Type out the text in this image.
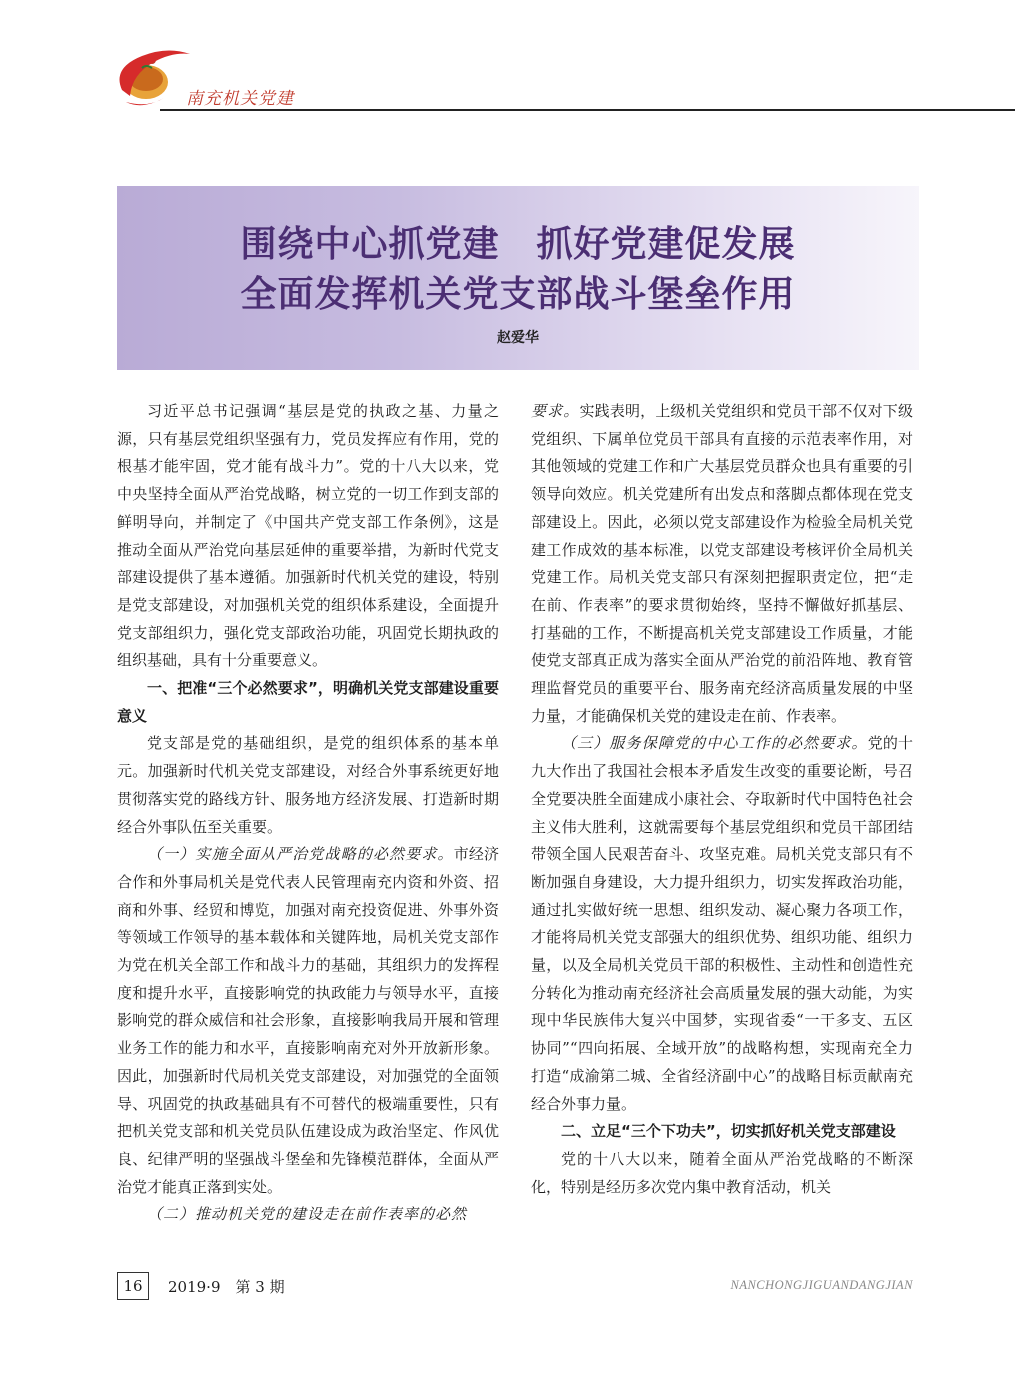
南充机关党建
围绕中心抓党建　抓好党建促发展
全面发挥机关党支部战斗堡垒作用
赵爱华

习近平总书记强调“基层是党的执政之基、力量之源，只有基层党组织坚强有力，党员发挥应有作用，党的根基才能牢固，党才能有战斗力”。党的十八大以来，党中央坚持全面从严治党战略，树立党的一切工作到支部的鲜明导向，并制定了《中国共产党支部工作条例》，这是推动全面从严治党向基层延伸的重要举措，为新时代党支部建设提供了基本遵循。加强新时代机关党的建设，特别是党支部建设，对加强机关党的组织体系建设，全面提升党支部组织力，强化党支部政治功能，巩固党长期执政的组织基础，具有十分重要意义。

一、把准“三个必然要求”，明确机关党支部建设重要意义

党支部是党的基础组织，是党的组织体系的基本单元。加强新时代机关党支部建设，对经合外事系统更好地贯彻落实党的路线方针、服务地方经济发展、打造新时期经合外事队伍至关重要。

（一）实施全面从严治党战略的必然要求。市经济合作和外事局机关是党代表人民管理南充内资和外资、招商和外事、经贸和博览，加强对南充投资促进、外事外资等领域工作领导的基本载体和关键阵地，局机关党支部作为党在机关全部工作和战斗力的基础，其组织力的发挥程度和提升水平，直接影响党的执政能力与领导水平，直接影响党的群众威信和社会形象，直接影响我局开展和管理业务工作的能力和水平，直接影响南充对外开放新形象。因此，加强新时代局机关党支部建设，对加强党的全面领导、巩固党的执政基础具有不可替代的极端重要性，只有把机关党支部和机关党员队伍建设成为政治坚定、作风优良、纪律严明的坚强战斗堡垒和先锋模范群体，全面从严治党才能真正落到实处。

（二）推动机关党的建设走在前作表率的必然

要求。实践表明，上级机关党组织和党员干部不仅对下级党组织、下属单位党员干部具有直接的示范表率作用，对其他领域的党建工作和广大基层党员群众也具有重要的引领导向效应。机关党建所有出发点和落脚点都体现在党支部建设上。因此，必须以党支部建设作为检验全局机关党建工作成效的基本标准，以党支部建设考核评价全局机关党建工作。局机关党支部只有深刻把握职责定位，把“走在前、作表率”的要求贯彻始终，坚持不懈做好抓基层、打基础的工作，不断提高机关党支部建设工作质量，才能使党支部真正成为落实全面从严治党的前沿阵地、教育管理监督党员的重要平台、服务南充经济高质量发展的中坚力量，才能确保机关党的建设走在前、作表率。

（三）服务保障党的中心工作的必然要求。党的十九大作出了我国社会根本矛盾发生改变的重要论断，号召全党要决胜全面建成小康社会、夺取新时代中国特色社会主义伟大胜利，这就需要每个基层党组织和党员干部团结带领全国人民艰苦奋斗、攻坚克难。局机关党支部只有不断加强自身建设，大力提升组织力，切实发挥政治功能，通过扎实做好统一思想、组织发动、凝心聚力各项工作，才能将局机关党支部强大的组织优势、组织功能、组织力量，以及全局机关党员干部的积极性、主动性和创造性充分转化为推动南充经济社会高质量发展的强大动能，为实现中华民族伟大复兴中国梦，实现省委“一干多支、五区协同”“四向拓展、全域开放”的战略构想，实现南充全力打造“成渝第二城、全省经济副中心”的战略目标贡献南充经合外事力量。

二、立足“三个下功夫”，切实抓好机关党支部建设

党的十八大以来，随着全面从严治党战略的不断深化，特别是经历多次党内集中教育活动，机关

16	2019·9　第 3 期	NANCHONGJIGUANDANGJIAN
